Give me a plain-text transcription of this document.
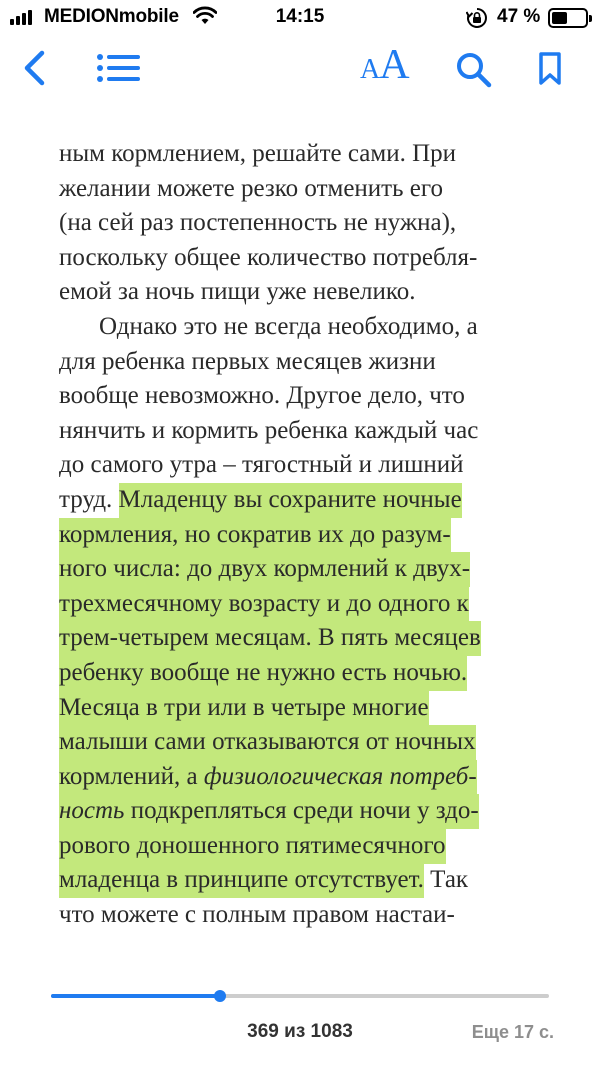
MEDIONmobile	14:15	47 %
AA
ным кормлением, решайте сами. При
желании можете резко отменить его
(на сей раз постепенность не нужна),
поскольку общее количество потребля-
емой за ночь пищи уже невелико.
Однако это не всегда необходимо, а
для ребенка первых месяцев жизни
вообще невозможно. Другое дело, что
нянчить и кормить ребенка каждый час
до самого утра – тягостный и лишний
труд. Младенцу вы сохраните ночные
кормления, но сократив их до разум-
ного числа: до двух кормлений к двух-
трехмесячному возрасту и до одного к
трем-четырем месяцам. В пять месяцев
ребенку вообще не нужно есть ночью.
Месяца в три или в четыре многие
малыши сами отказываются от ночных
кормлений, а физиологическая потреб-
ность подкрепляться среди ночи у здо-
рового доношенного пятимесячного
младенца в принципе отсутствует. Так
что можете с полным правом настаи-
369 из 1083	Еще 17 с.
